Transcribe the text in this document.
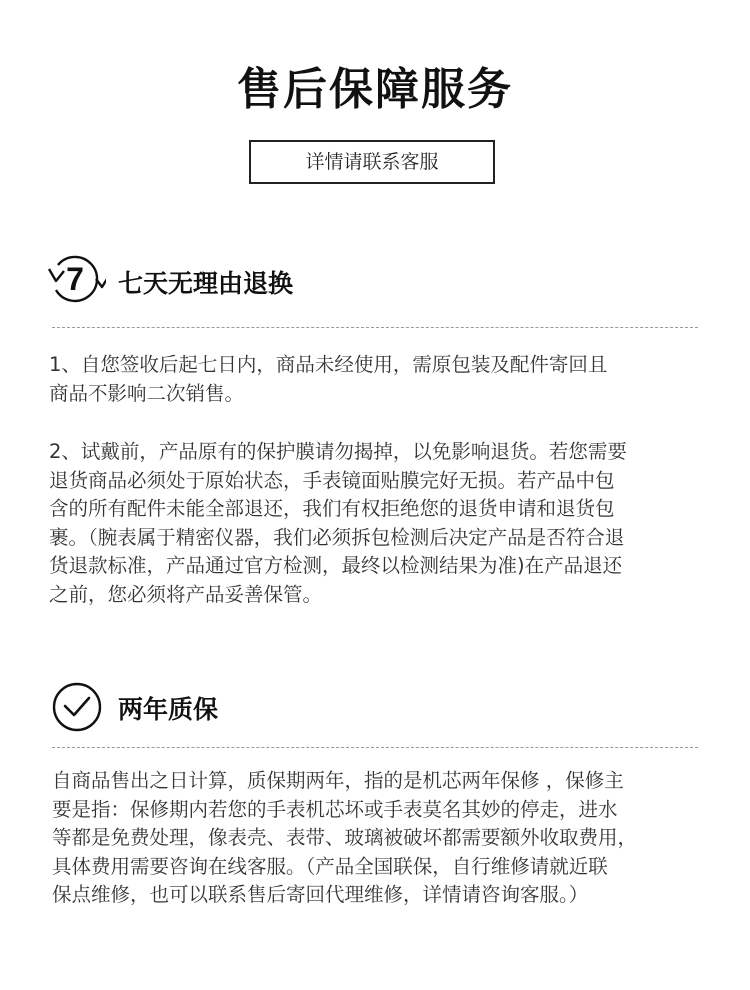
售后保障服务
详情请联系客服
7 七天无理由退换

1、自您签收后起七日内，商品未经使用，需原包装及配件寄回且
商品不影响二次销售。

2、试戴前，产品原有的保护膜请勿揭掉，以免影响退货。若您需要
退货商品必须处于原始状态，手表镜面贴膜完好无损。若产品中包
含的所有配件未能全部退还，我们有权拒绝您的退货申请和退货包
裹。（腕表属于精密仪器，我们必须拆包检测后决定产品是否符合退
货退款标准，产品通过官方检测，最终以检测结果为准)在产品退还
之前，您必须将产品妥善保管。

两年质保

自商品售出之日计算，质保期两年，指的是机芯两年保修 ，保修主
要是指：保修期内若您的手表机芯坏或手表莫名其妙的停走，进水
等都是免费处理，像表壳、表带、玻璃被破坏都需要额外收取费用，
具体费用需要咨询在线客服。（产品全国联保，自行维修请就近联
保点维修，也可以联系售后寄回代理维修，详情请咨询客服。）
